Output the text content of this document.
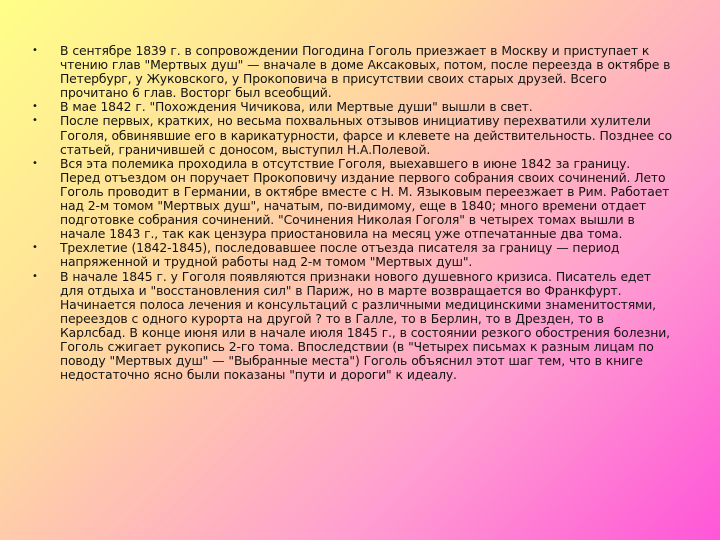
• В сентябре 1839 г. в сопровождении Погодина Гоголь приезжает в Москву и приступает к чтению глав "Мертвых душ" — вначале в доме Аксаковых, потом, после переезда в октябре в Петербург, у Жуковского, у Прокоповича в присутствии своих старых друзей. Всего прочитано 6 глав. Восторг был всеобщий.
• В мае 1842 г. "Похождения Чичикова, или Мертвые души" вышли в свет.
• После первых, кратких, но весьма похвальных отзывов инициативу перехватили хулители Гоголя, обвинявшие его в карикатурности, фарсе и клевете на действительность. Позднее со статьей, граничившей с доносом, выступил Н.А.Полевой.
• Вся эта полемика проходила в отсутствие Гоголя, выехавшего в июне 1842 за границу. Перед отъездом он поручает Прокоповичу издание первого собрания своих сочинений. Лето Гоголь проводит в Германии, в октябре вместе с Н. М. Языковым переезжает в Рим. Работает над 2-м томом "Мертвых душ", начатым, по-видимому, еще в 1840; много времени отдает подготовке собрания сочинений. "Сочинения Николая Гоголя" в четырех томах вышли в начале 1843 г., так как цензура приостановила на месяц уже отпечатанные два тома.
• Трехлетие (1842-1845), последовавшее после отъезда писателя за границу — период напряженной и трудной работы над 2-м томом "Мертвых душ".
• В начале 1845 г. у Гоголя появляются признаки нового душевного кризиса. Писатель едет для отдыха и "восстановления сил" в Париж, но в марте возвращается во Франкфурт. Начинается полоса лечения и консультаций с различными медицинскими знаменитостями, переездов с одного курорта на другой ? то в Галле, то в Берлин, то в Дрезден, то в Карлсбад. В конце июня или в начале июля 1845 г., в состоянии резкого обострения болезни, Гоголь сжигает рукопись 2-го тома. Впоследствии (в "Четырех письмах к разным лицам по поводу "Мертвых душ" — "Выбранные места") Гоголь объяснил этот шаг тем, что в книге недостаточно ясно были показаны "пути и дороги" к идеалу.
